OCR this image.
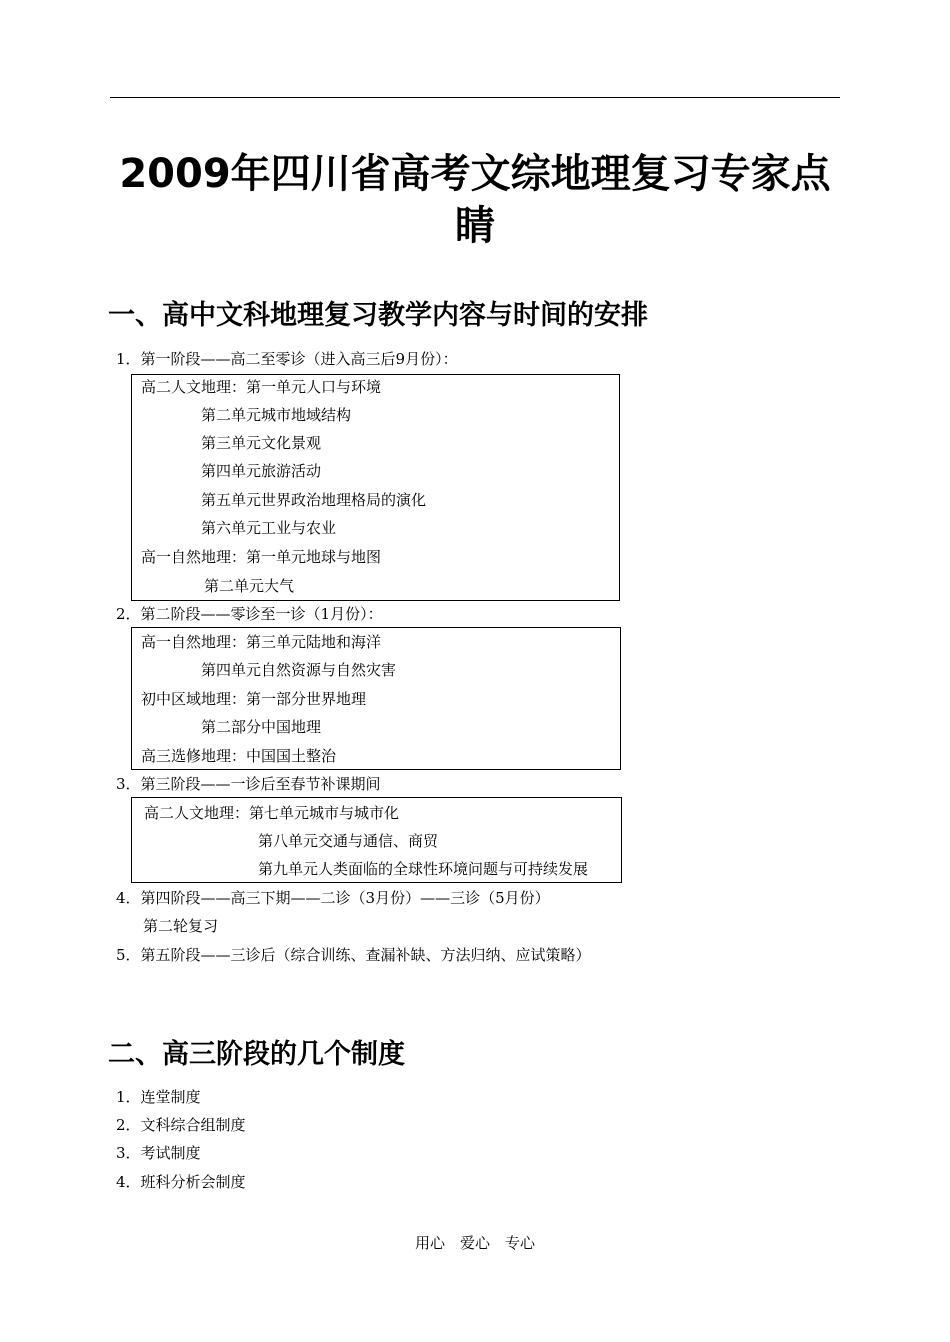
2009年四川省高考文综地理复习专家点睛
一、高中文科地理复习教学内容与时间的安排
1．第一阶段——高二至零诊（进入高三后9月份）：
高二人文地理：第一单元人口与环境
第二单元城市地域结构
第三单元文化景观
第四单元旅游活动
第五单元世界政治地理格局的演化
第六单元工业与农业
高一自然地理：第一单元地球与地图
第二单元大气
2．第二阶段——零诊至一诊（1月份）：
高一自然地理：第三单元陆地和海洋
第四单元自然资源与自然灾害
初中区域地理：第一部分世界地理
第二部分中国地理
高三选修地理：中国国土整治
3．第三阶段——一诊后至春节补课期间
高二人文地理：第七单元城市与城市化
第八单元交通与通信、商贸
第九单元人类面临的全球性环境问题与可持续发展
4．第四阶段——高三下期——二诊（3月份）——三诊（5月份）
第二轮复习
5．第五阶段——三诊后（综合训练、查漏补缺、方法归纳、应试策略）
二、高三阶段的几个制度
1．连堂制度
2．文科综合组制度
3．考试制度
4．班科分析会制度
用心　爱心　专心
